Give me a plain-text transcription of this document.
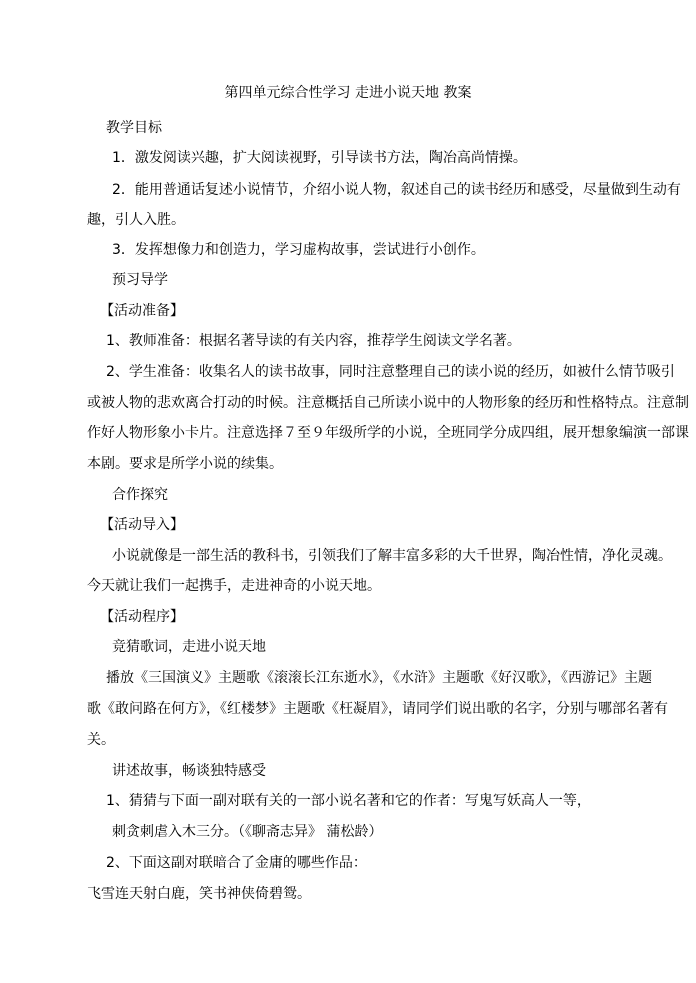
第四单元综合性学习 走进小说天地 教案
教学目标
1．激发阅读兴趣，扩大阅读视野，引导读书方法，陶冶高尚情操。
2．能用普通话复述小说情节，介绍小说人物，叙述自己的读书经历和感受，尽量做到生动有
趣，引人入胜。
3．发挥想像力和创造力，学习虚构故事，尝试进行小创作。
预习导学
【活动准备】
1、教师准备：根据名著导读的有关内容，推荐学生阅读文学名著。
2、学生准备：收集名人的读书故事，同时注意整理自己的读小说的经历，如被什么情节吸引
或被人物的悲欢离合打动的时候。注意概括自己所读小说中的人物形象的经历和性格特点。注意制
作好人物形象小卡片。注意选择７至９年级所学的小说，全班同学分成四组，展开想象编演一部课
本剧。要求是所学小说的续集。
合作探究
【活动导入】
小说就像是一部生活的教科书，引领我们了解丰富多彩的大千世界，陶冶性情，净化灵魂。
今天就让我们一起携手，走进神奇的小说天地。
【活动程序】
竞猜歌词，走进小说天地
播放《三国演义》主题歌《滚滚长江东逝水》，《水浒》主题歌《好汉歌》，《西游记》主题
歌《敢问路在何方》，《红楼梦》主题歌《枉凝眉》，请同学们说出歌的名字，分别与哪部名著有
关。
讲述故事，畅谈独特感受
1、猜猜与下面一副对联有关的一部小说名著和它的作者：写鬼写妖高人一等，
刺贪刺虐入木三分。（《聊斋志异》 蒲松龄）
2、下面这副对联暗合了金庸的哪些作品：
飞雪连天射白鹿，笑书神侠倚碧鸳。
